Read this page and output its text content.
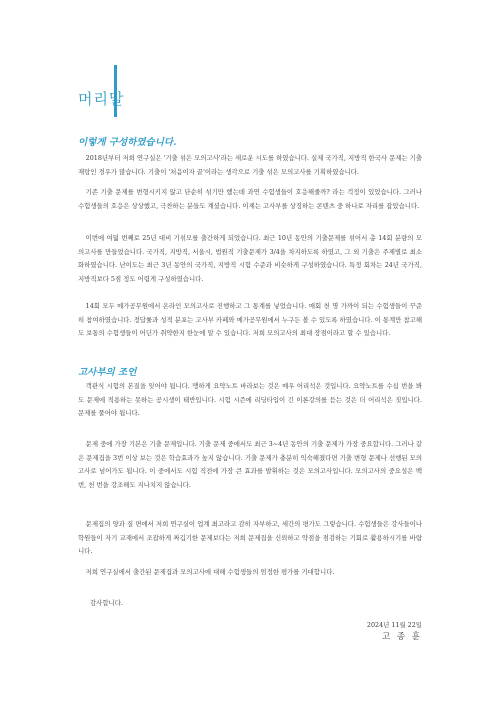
머리말
이렇게 구성하였습니다.

2018년부터 저희 연구실은 '기출 섞은 모의고사'라는 새로운 시도를 하였습니다. 실제 국가직, 지방직 한국사 문제는 기출 재탕인 경우가 많습니다. 기출이 '처음이자 끝'이라는 생각으로 기출 섞은 모의고사를 기획하였습니다.

기존 기출 문제를 변형시키지 않고 단순히 섞기만 했는데 과연 수험생들이 호응해줄까? 라는 걱정이 있었습니다. 그러나 수험생들의 호응은 상상했고, 극찬하는 분들도 계셨습니다. 이제는 고사부를 상징하는 콘텐츠 중 하나로 자리를 잡았습니다.

이번에 여덟 번째로 25년 대비 기섞모를 출간하게 되었습니다. 최근 10년 동안의 기출문제를 섞어서 총 14회 분량의 모의고사를 만들었습니다. 국가직, 지방직, 서울시, 법원직 기출문제가 3/4을 차지하도록 하였고, 그 외 기출은 주제별로 최소화하였습니다. 난이도는 최근 3년 동안의 국가직, 지방직 시험 수준과 비슷하게 구성하였습니다. 특정 회차는 24년 국가직, 지방직보다 5점 정도 어렵게 구성하였습니다.

14회 모두 메가공무원에서 온라인 모의고사로 진행하고 그 통계를 넣었습니다. 매회 천 명 가까이 되는 수험생들이 꾸준히 참여하였습니다. 정답률과 성적 분포는 고사부 카페와 메가공무원에서 누구든 볼 수 있도록 하였습니다. 이 통계만 참고해도 보통의 수험생들이 어딘가 취약한지 한눈에 알 수 있습니다. 저희 모의고사의 최대 장점이라고 할 수 있습니다.

고사부의 조언

객관식 시험의 본질을 잊어야 됩니다. 맹하게 요약노트 바라보는 것은 매우 어리석은 것입니다. 요약노트를 수십 번을 봐도 문제에 적용하는 못하는 공시생이 태반입니다. 시험 시즌에 리딩타입이 긴 이론강의를 듣는 것은 더 어리석은 짓입니다. 문제를 풀어야 됩니다.

문제 중에 가장 기본은 기출 문제입니다. 기출 문제 중에서도 최근 3~4년 동안의 기출 문제가 가장 중요합니다. 그러나 같은 문제집을 3번 이상 보는 것은 학습효과가 높지 않습니다. 기출 문제가 충분히 익숙해졌다면 기출 변형 문제나 선행된 모의고사로 넘어가도 됩니다. 이 중에서도 시험 직전에 가장 큰 효과를 발휘하는 것은 모의고사입니다. 모의고사의 중요성은 백 번, 천 번을 강조해도 지나치지 않습니다.

문제집의 양과 질 면에서 저희 연구실이 업계 최고라고 감히 자부하고, 세간의 평가도 그렇습니다. 수험생들은 강사들이나 학원들이 자기 교재에서 조잡하게 짜깁기한 문제보다는 저희 문제집을 신뢰하고 약점을 점검하는 기회로 활용하시기를 바랍니다.

저희 연구실에서 출간된 문제집과 모의고사에 대해 수험생들의 엄정한 평가를 기대합니다.

감사합니다.
2024년 11월 22일
고 종 훈
